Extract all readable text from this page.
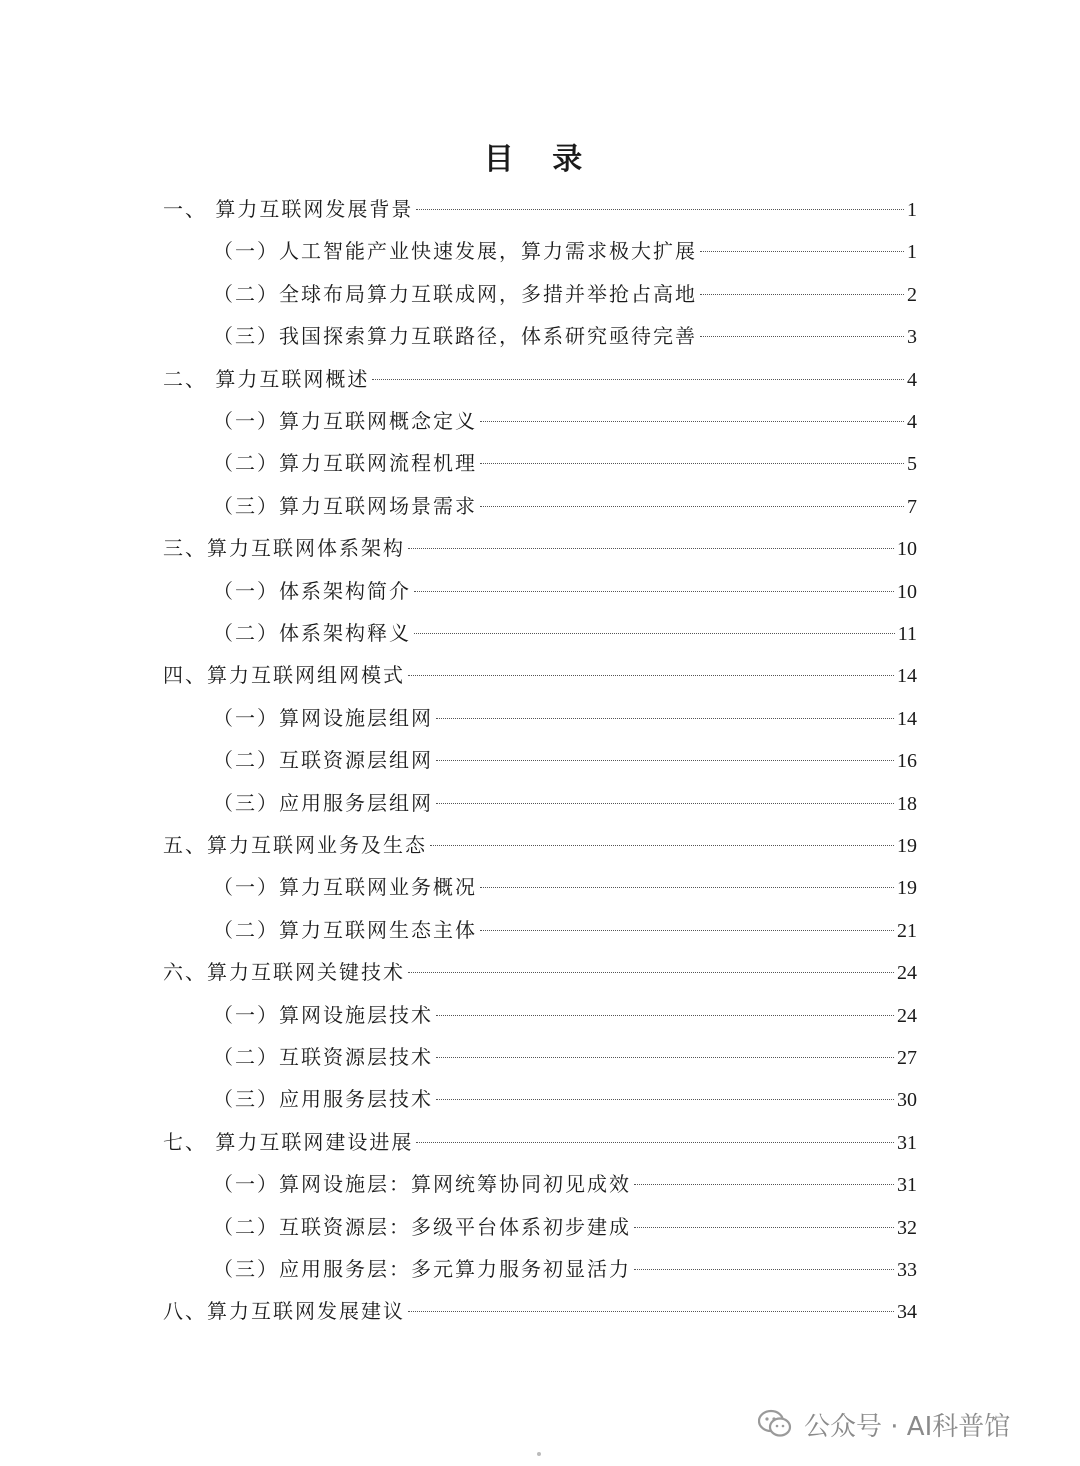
目 录
一、 算力互联网发展背景	1
（一）人工智能产业快速发展，算力需求极大扩展	1
（二）全球布局算力互联成网，多措并举抢占高地	2
（三）我国探索算力互联路径，体系研究亟待完善	3
二、 算力互联网概述	4
（一）算力互联网概念定义	4
（二）算力互联网流程机理	5
（三）算力互联网场景需求	7
三、算力互联网体系架构	10
（一）体系架构简介	10
（二）体系架构释义	11
四、算力互联网组网模式	14
（一）算网设施层组网	14
（二）互联资源层组网	16
（三）应用服务层组网	18
五、算力互联网业务及生态	19
（一）算力互联网业务概况	19
（二）算力互联网生态主体	21
六、算力互联网关键技术	24
（一）算网设施层技术	24
（二）互联资源层技术	27
（三）应用服务层技术	30
七、 算力互联网建设进展	31
（一）算网设施层：算网统筹协同初见成效	31
（二）互联资源层：多级平台体系初步建成	32
（三）应用服务层：多元算力服务初显活力	33
八、算力互联网发展建议	34
公众号 · AI科普馆
